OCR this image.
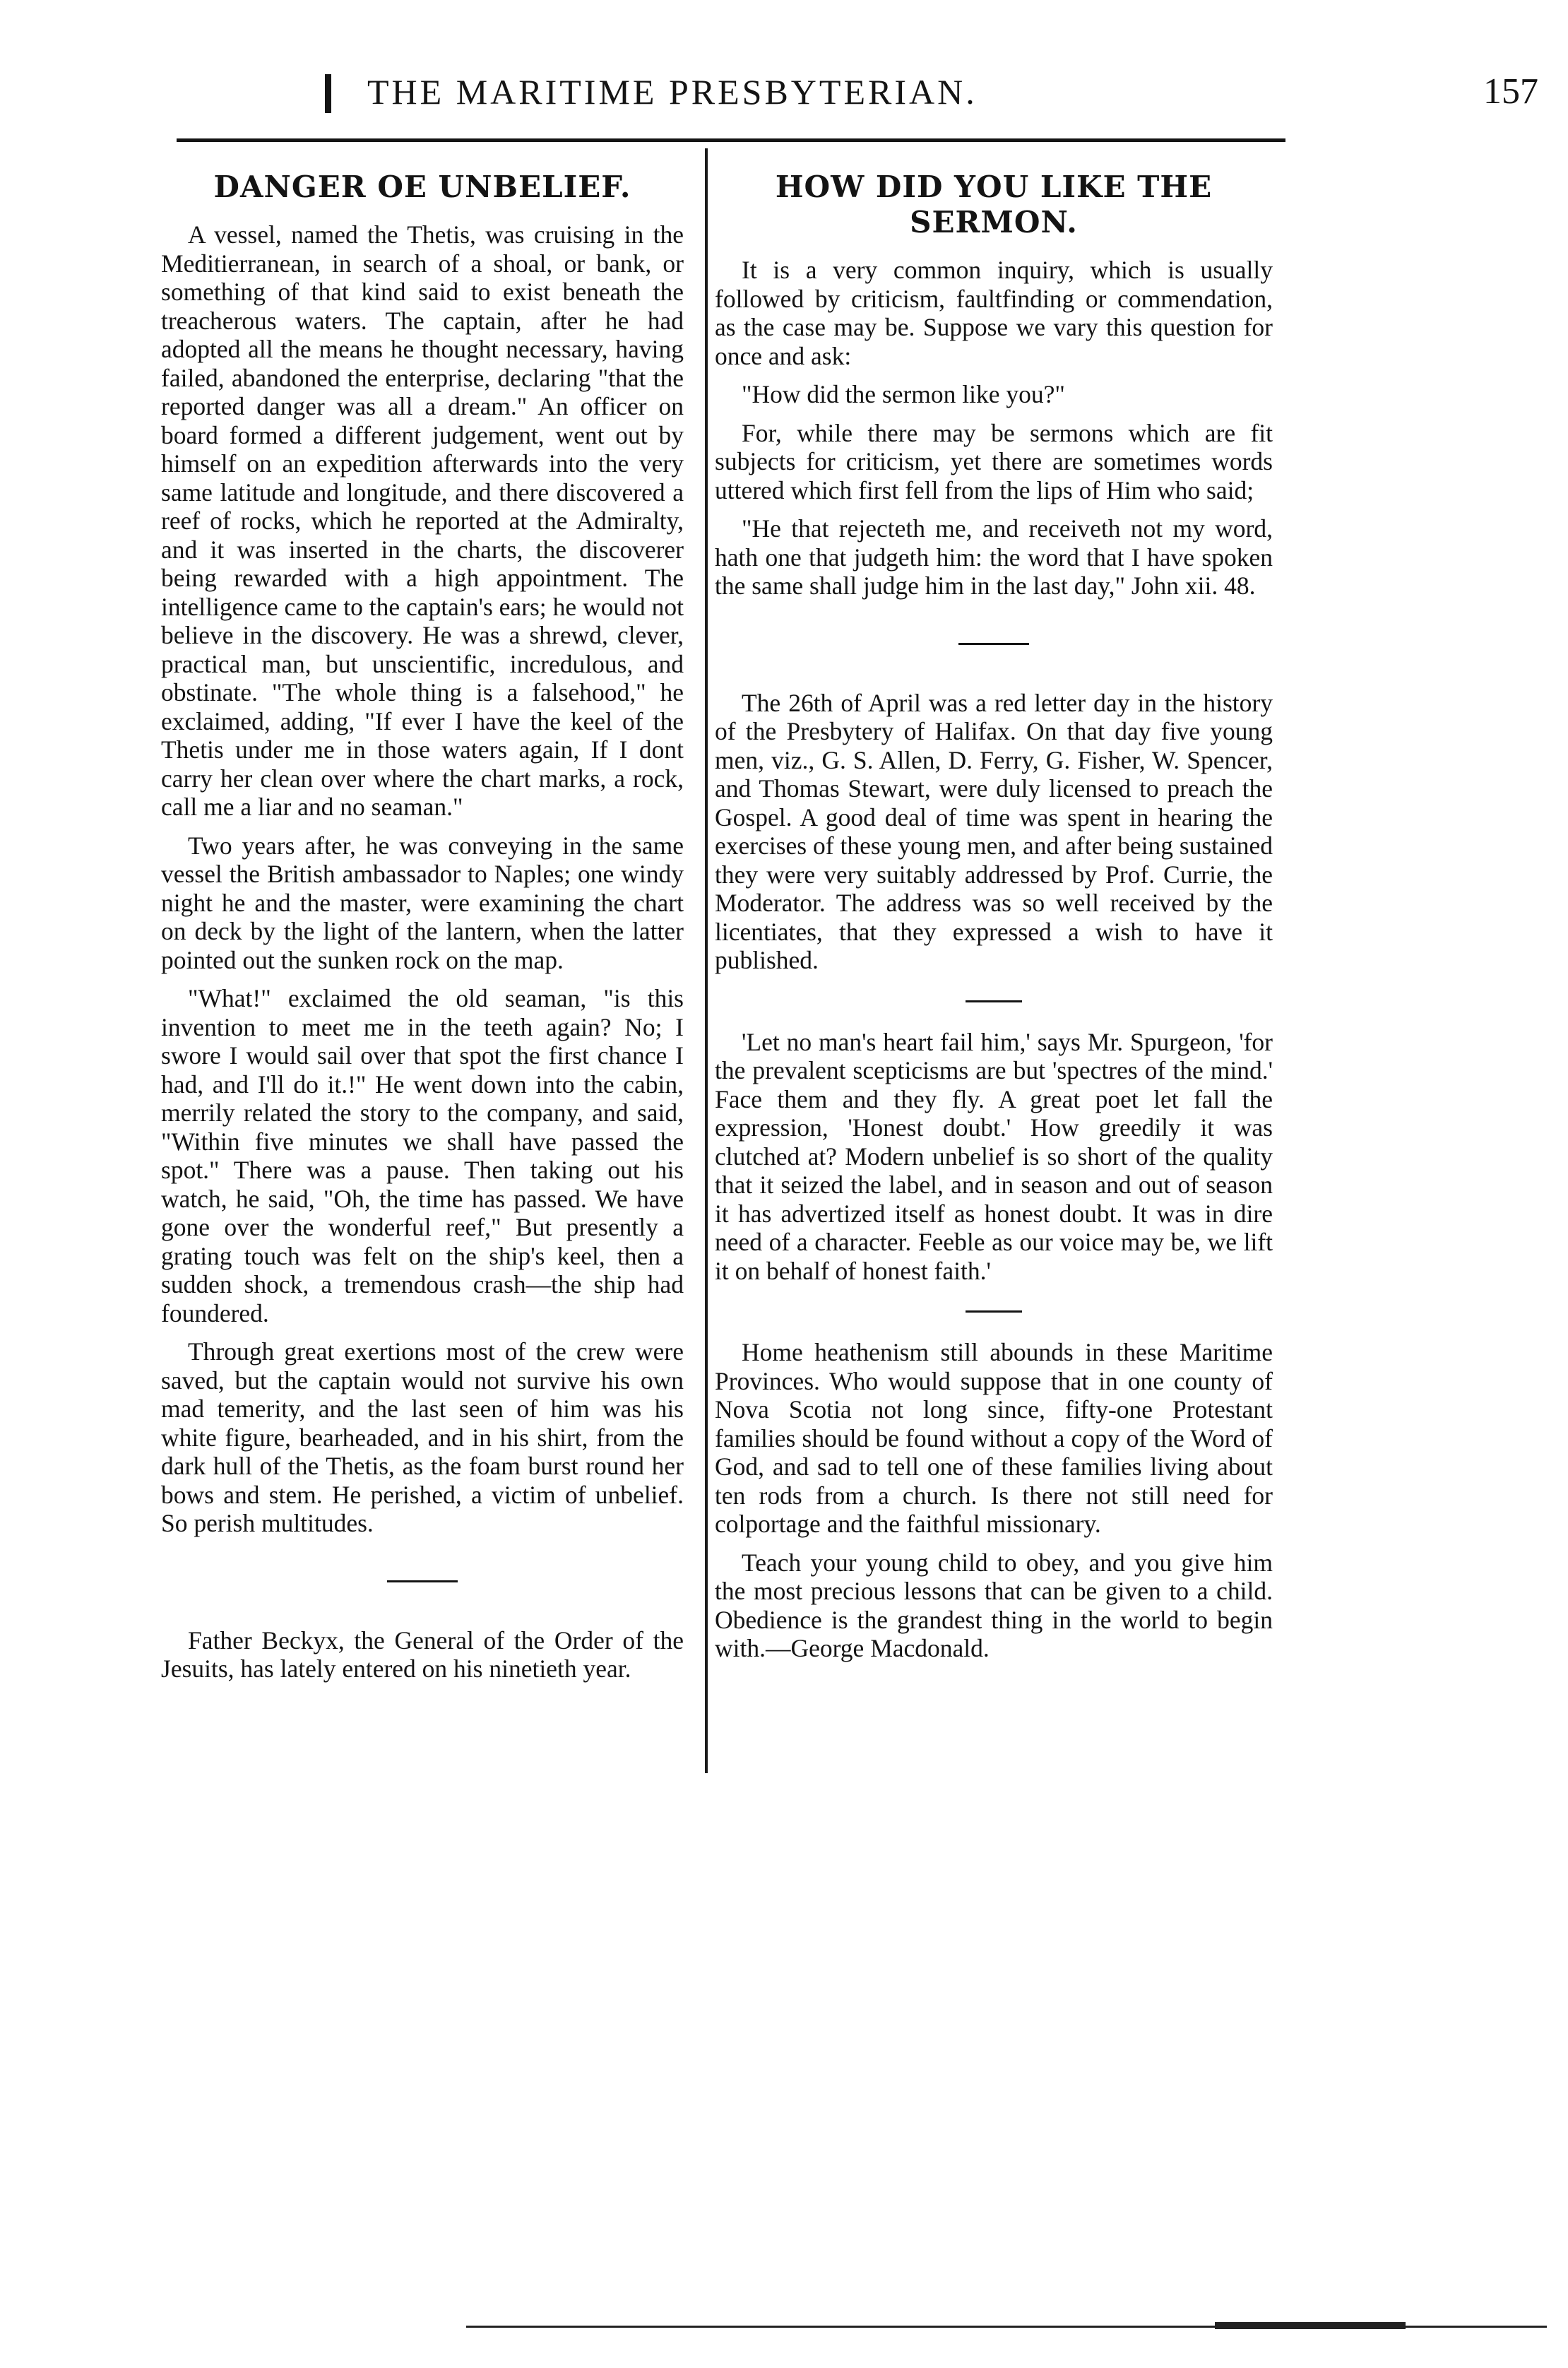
THE MARITIME PRESBYTERIAN.	157
DANGER OE UNBELIEF.

A vessel, named the Thetis, was cruising in the Meditierranean, in search of a shoal, or bank, or something of that kind said to exist beneath the treacherous waters. The captain, after he had adopted all the means he thought necessary, having failed, abandoned the enterprise, declaring "that the reported danger was all a dream." An officer on board formed a different judgement, went out by himself on an expedition afterwards into the very same latitude and longitude, and there discovered a reef of rocks, which he reported at the Admiralty, and it was inserted in the charts, the discoverer being rewarded with a high appointment. The intelligence came to the captain's ears; he would not believe in the discovery. He was a shrewd, clever, practical man, but unscientific, incredulous, and obstinate. "The whole thing is a falsehood," he exclaimed, adding, "If ever I have the keel of the Thetis under me in those waters again, If I dont carry her clean over where the chart marks, a rock, call me a liar and no seaman."

Two years after, he was conveying in the same vessel the British ambassador to Naples; one windy night he and the master, were examining the chart on deck by the light of the lantern, when the latter pointed out the sunken rock on the map.

"What!" exclaimed the old seaman, "is this invention to meet me in the teeth again? No; I swore I would sail over that spot the first chance I had, and I'll do it.!" He went down into the cabin, merrily related the story to the company, and said, "Within five minutes we shall have passed the spot." There was a pause. Then taking out his watch, he said, "Oh, the time has passed. We have gone over the wonderful reef," But presently a grating touch was felt on the ship's keel, then a sudden shock, a tremendous crash—the ship had foundered.

Through great exertions most of the crew were saved, but the captain would not survive his own mad temerity, and the last seen of him was his white figure, bearheaded, and in his shirt, from the dark hull of the Thetis, as the foam burst round her bows and stem. He perished, a victim of unbelief. So perish multitudes.

Father Beckyx, the General of the Order of the Jesuits, has lately entered on his ninetieth year.

HOW DID YOU LIKE THE SERMON.

It is a very common inquiry, which is usually followed by criticism, faultfinding or commendation, as the case may be. Suppose we vary this question for once and ask:

"How did the sermon like you?"

For, while there may be sermons which are fit subjects for criticism, yet there are sometimes words uttered which first fell from the lips of Him who said;

"He that rejecteth me, and receiveth not my word, hath one that judgeth him: the word that I have spoken the same shall judge him in the last day," John xii. 48.

The 26th of April was a red letter day in the history of the Presbytery of Halifax. On that day five young men, viz., G. S. Allen, D. Ferry, G. Fisher, W. Spencer, and Thomas Stewart, were duly licensed to preach the Gospel. A good deal of time was spent in hearing the exercises of these young men, and after being sustained they were very suitably addressed by Prof. Currie, the Moderator. The address was so well received by the licentiates, that they expressed a wish to have it published.

'Let no man's heart fail him,' says Mr. Spurgeon, 'for the prevalent scepticisms are but 'spectres of the mind.' Face them and they fly. A great poet let fall the expression, 'Honest doubt.' How greedily it was clutched at? Modern unbelief is so short of the quality that it seized the label, and in season and out of season it has advertized itself as honest doubt. It was in dire need of a character. Feeble as our voice may be, we lift it on behalf of honest faith.'

Home heathenism still abounds in these Maritime Provinces. Who would suppose that in one county of Nova Scotia not long since, fifty-one Protestant families should be found without a copy of the Word of God, and sad to tell one of these families living about ten rods from a church. Is there not still need for colportage and the faithful missionary.

Teach your young child to obey, and you give him the most precious lessons that can be given to a child. Obedience is the grandest thing in the world to begin with.—George Macdonald.
